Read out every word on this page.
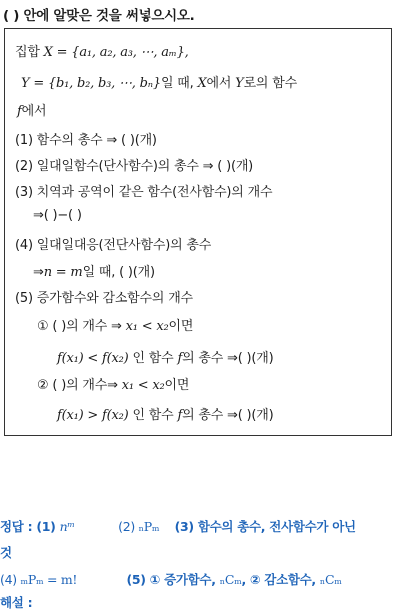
( ) 안에 알맞은 것을 써넣으시오.
집합 X = {a₁, a₂, a₃, ⋯, aₘ},
Y = {b₁, b₂, b₃, ⋯, bₙ}일 때, X에서 Y로의 함수
f에서
(1) 함수의 총수 ⇒ ( )(개)
(2) 일대일함수(단사함수)의 총수 ⇒ ( )(개)
(3) 치역과 공역이 같은 함수(전사함수)의 개수
⇒( )−( )
(4) 일대일대응(전단사함수)의 총수
⇒n = m일 때, ( )(개)
(5) 증가함수와 감소함수의 개수
① ( )의 개수 ⇒ x₁ < x₂이면
f(x₁) < f(x₂) 인 함수 f의 총수 ⇒( )(개)
② ( )의 개수⇒ x₁ < x₂이면
f(x₁) > f(x₂) 인 함수 f의 총수 ⇒( )(개)
정답 : (1) nᵐ	(2) ₙPₘ (3) 함수의 총수, 전사함수가 아닌
것
(4) ₘPₘ = m!	(5) ① 증가함수, ₙCₘ, ② 감소함수, ₙCₘ
해설 :
